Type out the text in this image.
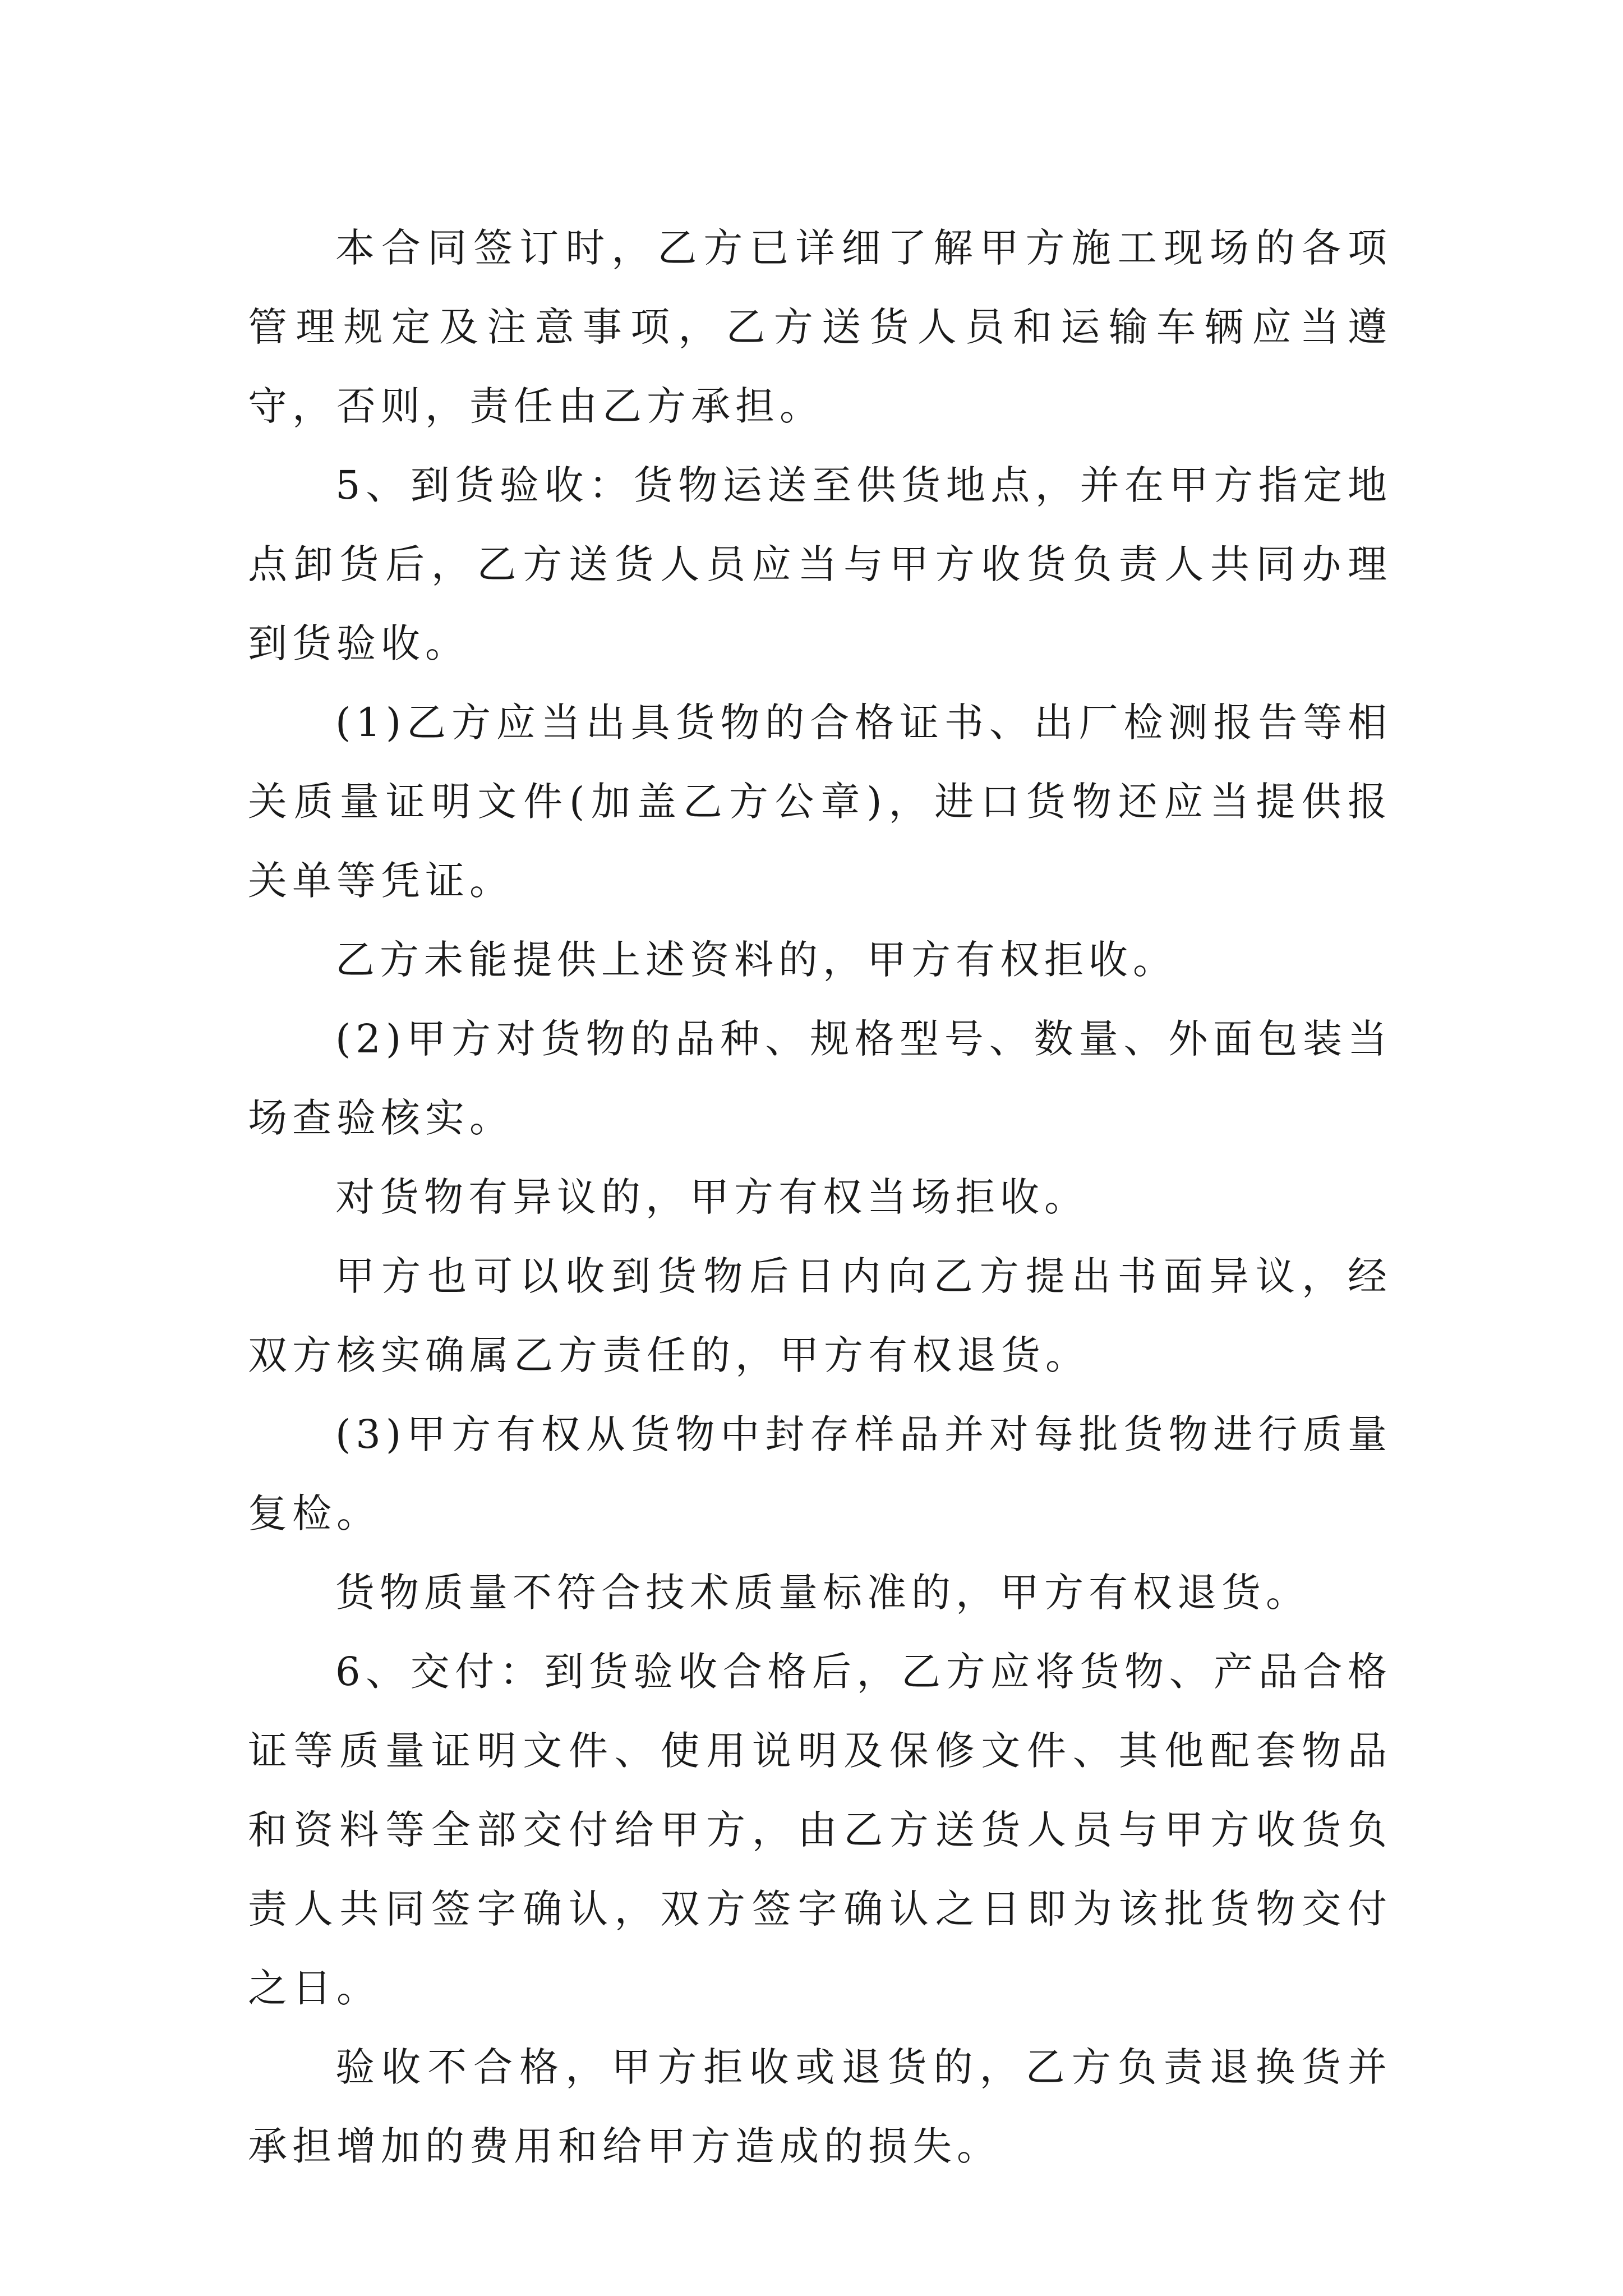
本合同签订时，乙方已详细了解甲方施工现场的各项管理规定及注意事项，乙方送货人员和运输车辆应当遵守，否则，责任由乙方承担。

5、到货验收：货物运送至供货地点，并在甲方指定地点卸货后，乙方送货人员应当与甲方收货负责人共同办理到货验收。

(1)乙方应当出具货物的合格证书、出厂检测报告等相关质量证明文件(加盖乙方公章)，进口货物还应当提供报关单等凭证。

乙方未能提供上述资料的，甲方有权拒收。

(2)甲方对货物的品种、规格型号、数量、外面包装当场查验核实。

对货物有异议的，甲方有权当场拒收。

甲方也可以收到货物后日内向乙方提出书面异议，经双方核实确属乙方责任的，甲方有权退货。

(3)甲方有权从货物中封存样品并对每批货物进行质量复检。

货物质量不符合技术质量标准的，甲方有权退货。

6、交付：到货验收合格后，乙方应将货物、产品合格证等质量证明文件、使用说明及保修文件、其他配套物品和资料等全部交付给甲方，由乙方送货人员与甲方收货负责人共同签字确认，双方签字确认之日即为该批货物交付之日。

验收不合格，甲方拒收或退货的，乙方负责退换货并承担增加的费用和给甲方造成的损失。
